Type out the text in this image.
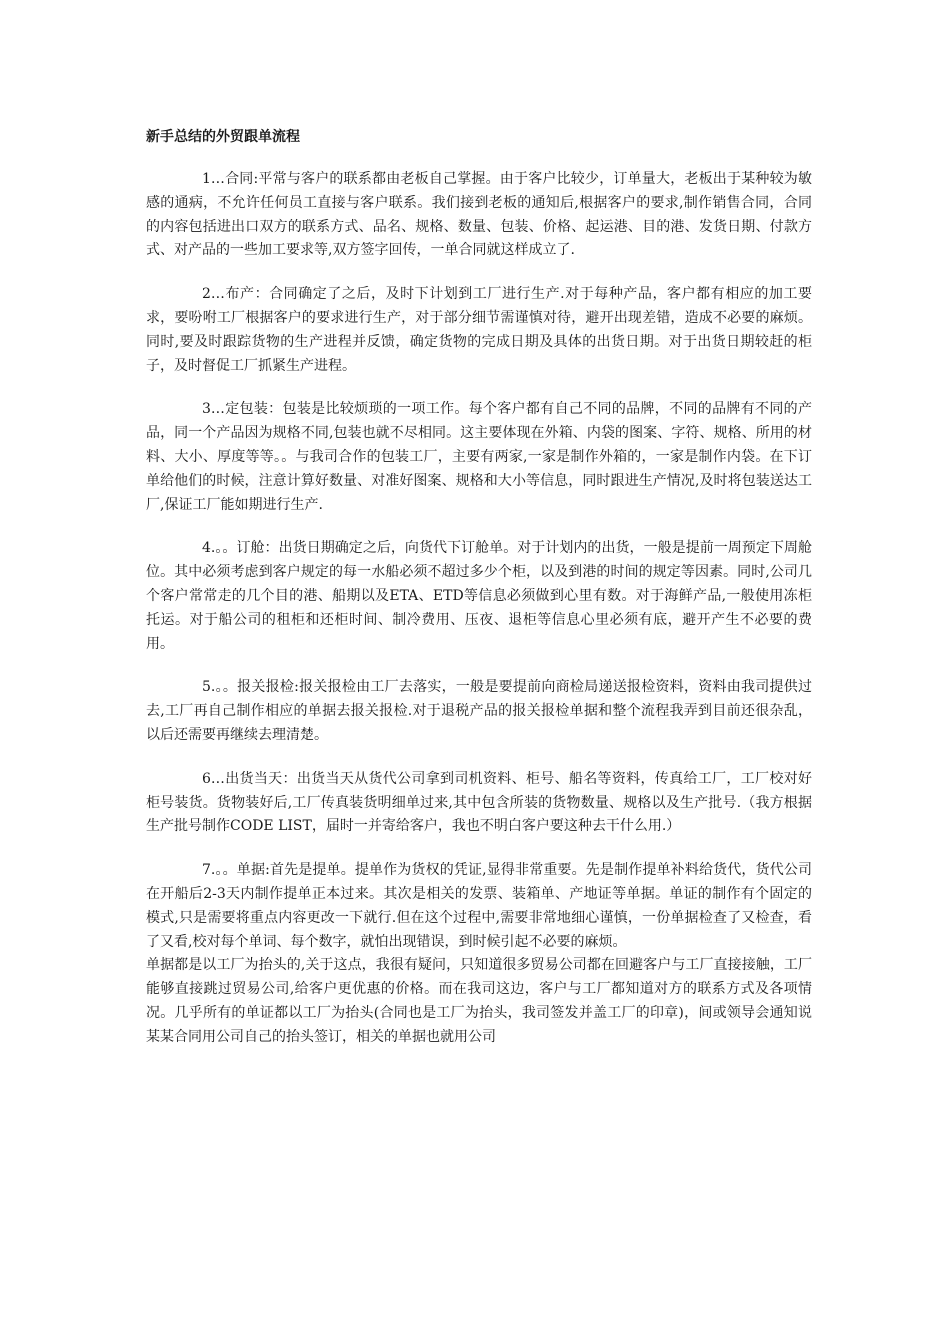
新手总结的外贸跟单流程

1…合同:平常与客户的联系都由老板自己掌握。由于客户比较少，订单量大，老板出于某种较为敏感的通病，不允许任何员工直接与客户联系。我们接到老板的通知后,根据客户的要求,制作销售合同，合同的内容包括进出口双方的联系方式、品名、规格、数量、包装、价格、起运港、目的港、发货日期、付款方式、对产品的一些加工要求等,双方签字回传，一单合同就这样成立了.

2…布产：合同确定了之后，及时下计划到工厂进行生产.对于每种产品，客户都有相应的加工要求，要吩咐工厂根据客户的要求进行生产，对于部分细节需谨慎对待，避开出现差错，造成不必要的麻烦。同时,要及时跟踪货物的生产进程并反馈，确定货物的完成日期及具体的出货日期。对于出货日期较赶的柜子，及时督促工厂抓紧生产进程。

3…定包装：包装是比较烦琐的一项工作。每个客户都有自己不同的品牌，不同的品牌有不同的产品，同一个产品因为规格不同,包装也就不尽相同。这主要体现在外箱、内袋的图案、字符、规格、所用的材料、大小、厚度等等。。与我司合作的包装工厂，主要有两家,一家是制作外箱的，一家是制作内袋。在下订单给他们的时候，注意计算好数量、对准好图案、规格和大小等信息，同时跟进生产情况,及时将包装送达工厂,保证工厂能如期进行生产.

4.。。订舱：出货日期确定之后，向货代下订舱单。对于计划内的出货，一般是提前一周预定下周舱位。其中必须考虑到客户规定的每一水船必须不超过多少个柜，以及到港的时间的规定等因素。同时,公司几个客户常常走的几个目的港、船期以及ETA、ETD等信息必须做到心里有数。对于海鲜产品,一般使用冻柜托运。对于船公司的租柜和还柜时间、制冷费用、压夜、退柜等信息心里必须有底，避开产生不必要的费用。

5.。。报关报检:报关报检由工厂去落实，一般是要提前向商检局递送报检资料，资料由我司提供过去,工厂再自己制作相应的单据去报关报检.对于退税产品的报关报检单据和整个流程我弄到目前还很杂乱，以后还需要再继续去理清楚。

6…出货当天：出货当天从货代公司拿到司机资料、柜号、船名等资料，传真给工厂，工厂校对好柜号装货。货物装好后,工厂传真装货明细单过来,其中包含所装的货物数量、规格以及生产批号.（我方根据生产批号制作CODE LIST，届时一并寄给客户，我也不明白客户要这种去干什么用.）

7.。。单据:首先是提单。提单作为货权的凭证,显得非常重要。先是制作提单补料给货代，货代公司在开船后2-3天内制作提单正本过来。其次是相关的发票、装箱单、产地证等单据。单证的制作有个固定的模式,只是需要将重点内容更改一下就行.但在这个过程中,需要非常地细心谨慎，一份单据检查了又检查，看了又看,校对每个单词、每个数字，就怕出现错误，到时候引起不必要的麻烦。

单据都是以工厂为抬头的,关于这点，我很有疑问，只知道很多贸易公司都在回避客户与工厂直接接触，工厂能够直接跳过贸易公司,给客户更优惠的价格。而在我司这边，客户与工厂都知道对方的联系方式及各项情况。几乎所有的单证都以工厂为抬头(合同也是工厂为抬头，我司签发并盖工厂的印章)，间或领导会通知说某某合同用公司自己的抬头签订，相关的单据也就用公司
